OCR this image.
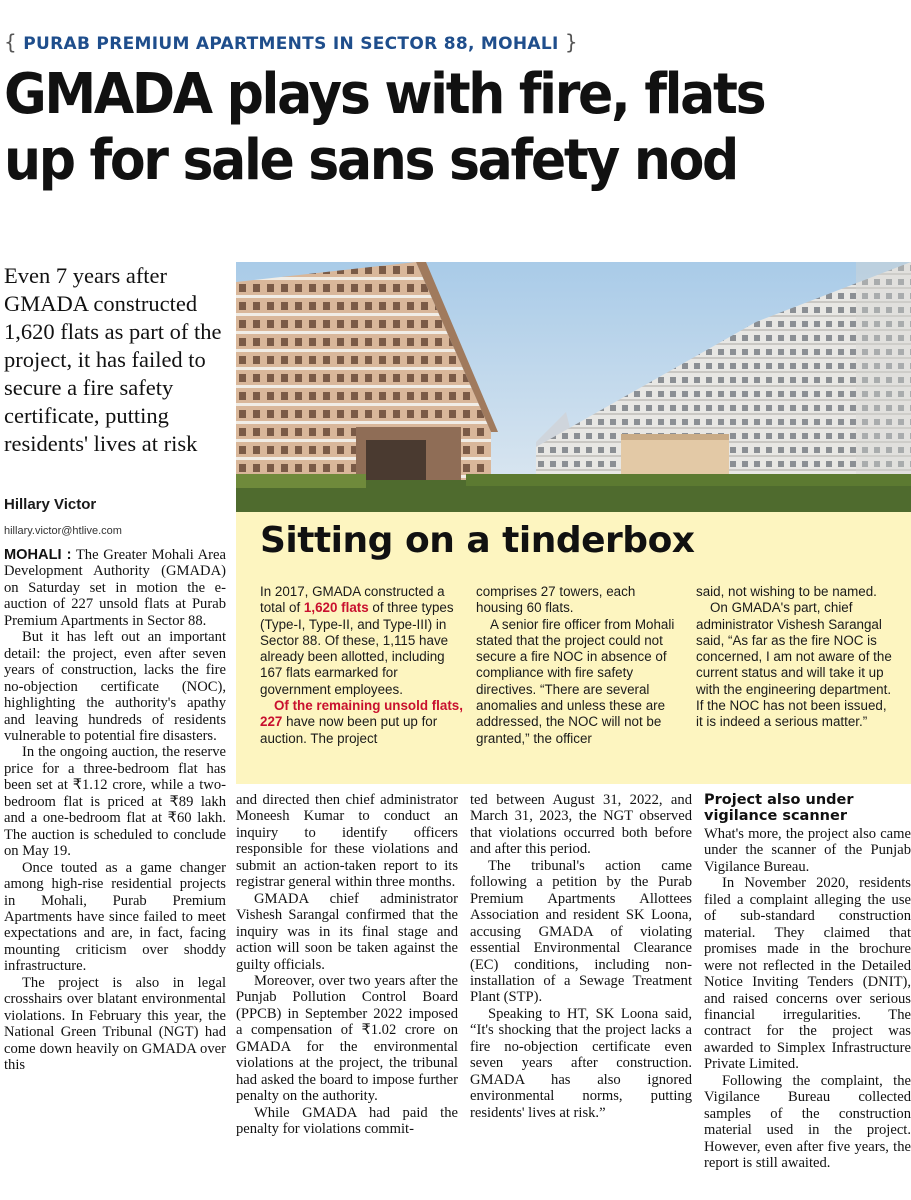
{ PURAB PREMIUM APARTMENTS IN SECTOR 88, MOHALI }
GMADA plays with fire, flats
up for sale sans safety nod
Even 7 years after GMADA constructed 1,620 flats as part of the project, it has failed to secure a fire safety certificate, putting residents' lives at risk
Hillary Victor
hillary.victor@htlive.com	Sitting on a tinderbox

In 2017, GMADA constructed a total of 1,620 flats of three types (Type-I, Type-II, and Type-III) in Sector 88. Of these, 1,115 have already been allotted, including 167 flats earmarked for government employees.

Of the remaining unsold flats, 227 have now been put up for auction. The project

comprises 27 towers, each housing 60 flats.

A senior fire officer from Mohali stated that the project could not secure a fire NOC in absence of compliance with fire safety directives. “There are several anomalies and unless these are addressed, the NOC will not be granted,” the officer

said, not wishing to be named.

On GMADA's part, chief administrator Vishesh Sarangal said, “As far as the fire NOC is concerned, I am not aware of the current status and will take it up with the engineering department. If the NOC has not been issued, it is indeed a serious matter.”

MOHALI : The Greater Mohali Area Development Authority (GMADA) on Saturday set in motion the e-auction of 227 unsold flats at Purab Premium Apartments in Sector 88.

But it has left out an important detail: the project, even after seven years of construction, lacks the fire no-objection certificate (NOC), highlighting the authority's apathy and leaving hundreds of residents vulnerable to potential fire disasters.

In the ongoing auction, the reserve price for a three-bedroom flat has been set at ₹1.12 crore, while a two-bedroom flat is priced at ₹89 lakh and a one-bedroom flat at ₹60 lakh. The auction is scheduled to conclude on May 19.

Once touted as a game changer among high-rise residential projects in Mohali, Purab Premium Apartments have since failed to meet expectations and are, in fact, facing mounting criticism over shoddy infrastructure.

The project is also in legal crosshairs over blatant environmental violations. In February this year, the National Green Tribunal (NGT) had come down heavily on GMADA over this

and directed then chief administrator Moneesh Kumar to conduct an inquiry to identify officers responsible for these violations and submit an action-taken report to its registrar general within three months.

GMADA chief administrator Vishesh Sarangal confirmed that the inquiry was in its final stage and action will soon be taken against the guilty officials.

Moreover, over two years after the Punjab Pollution Control Board (PPCB) in September 2022 imposed a compensation of ₹1.02 crore on GMADA for the environmental violations at the project, the tribunal had asked the board to impose further penalty on the authority.

While GMADA had paid the penalty for violations commit-

ted between August 31, 2022, and March 31, 2023, the NGT observed that violations occurred both before and after this period.

The tribunal's action came following a petition by the Purab Premium Apartments Allottees Association and resident SK Loona, accusing GMADA of violating essential Environmental Clearance (EC) conditions, including non-installation of a Sewage Treatment Plant (STP).

Speaking to HT, SK Loona said, “It's shocking that the project lacks a fire no-objection certificate even seven years after construction. GMADA has also ignored environmental norms, putting residents' lives at risk.”

Project also under vigilance scanner

What's more, the project also came under the scanner of the Punjab Vigilance Bureau.

In November 2020, residents filed a complaint alleging the use of sub-standard construction material. They claimed that promises made in the brochure were not reflected in the Detailed Notice Inviting Tenders (DNIT), and raised concerns over serious financial irregularities. The contract for the project was awarded to Simplex Infrastructure Private Limited.

Following the complaint, the Vigilance Bureau collected samples of the construction material used in the project. However, even after five years, the report is still awaited.
